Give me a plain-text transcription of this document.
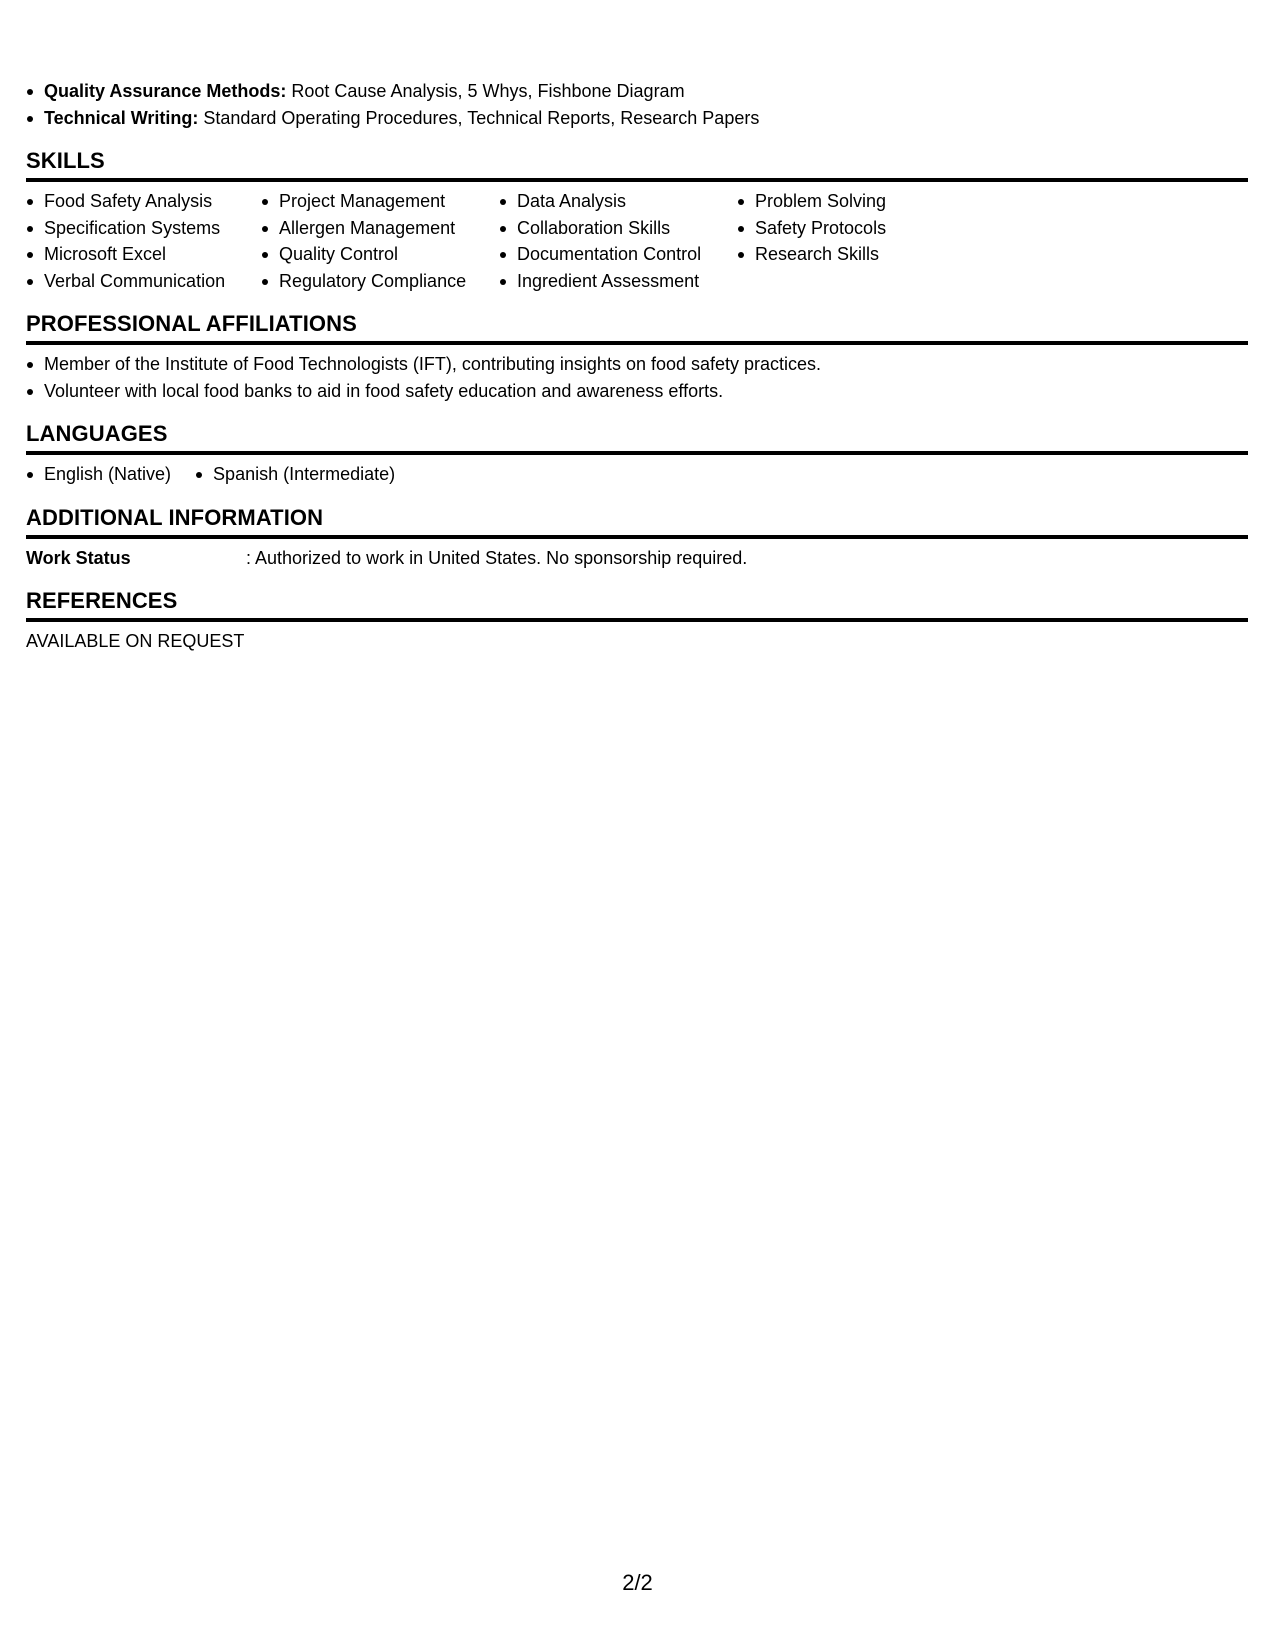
Quality Assurance Methods: Root Cause Analysis, 5 Whys, Fishbone Diagram
Technical Writing: Standard Operating Procedures, Technical Reports, Research Papers
SKILLS
Food Safety Analysis
Specification Systems
Microsoft Excel
Verbal Communication
Project Management
Allergen Management
Quality Control
Regulatory Compliance
Data Analysis
Collaboration Skills
Documentation Control
Ingredient Assessment
Problem Solving
Safety Protocols
Research Skills
PROFESSIONAL AFFILIATIONS
Member of the Institute of Food Technologists (IFT), contributing insights on food safety practices.
Volunteer with local food banks to aid in food safety education and awareness efforts.
LANGUAGES
English (Native)	Spanish (Intermediate)
ADDITIONAL INFORMATION
Work Status	: Authorized to work in United States. No sponsorship required.
REFERENCES
AVAILABLE ON REQUEST
2/2
